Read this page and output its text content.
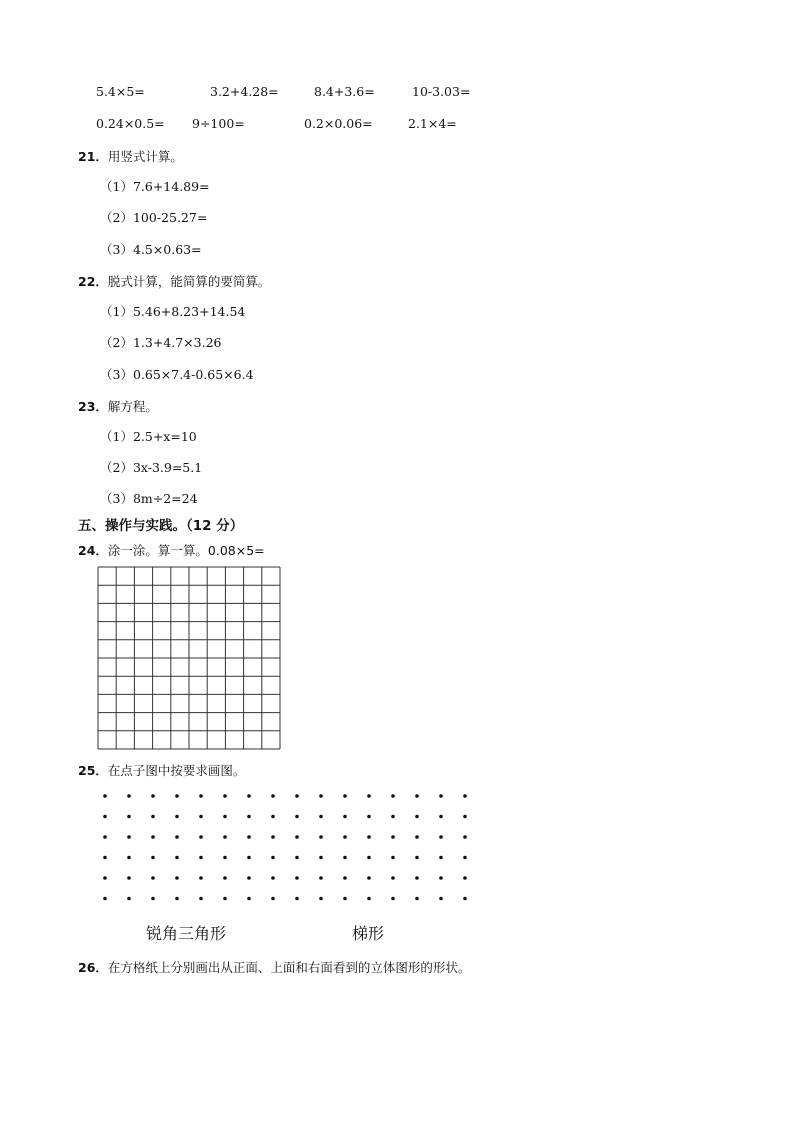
5.4×5=	3.2+4.28=	8.4+3.6=	10-3.03=
0.24×0.5= 9÷100=	0.2×0.06=	2.1×4=
21．用竖式计算。
（1）7.6+14.89=
（2）100-25.27=
（3）4.5×0.63=
22．脱式计算，能简算的要简算。
（1）5.46+8.23+14.54
（2）1.3+4.7×3.26
（3）0.65×7.4-0.65×6.4
23．解方程。
（1）2.5+x=10
（2）3x-3.9=5.1
（3）8m÷2=24
五、操作与实践。（12 分）
24．涂一涂。算一算。0.08×5=
25．在点子图中按要求画图。
锐角三角形	梯形
26．在方格纸上分别画出从正面、上面和右面看到的立体图形的形状。
